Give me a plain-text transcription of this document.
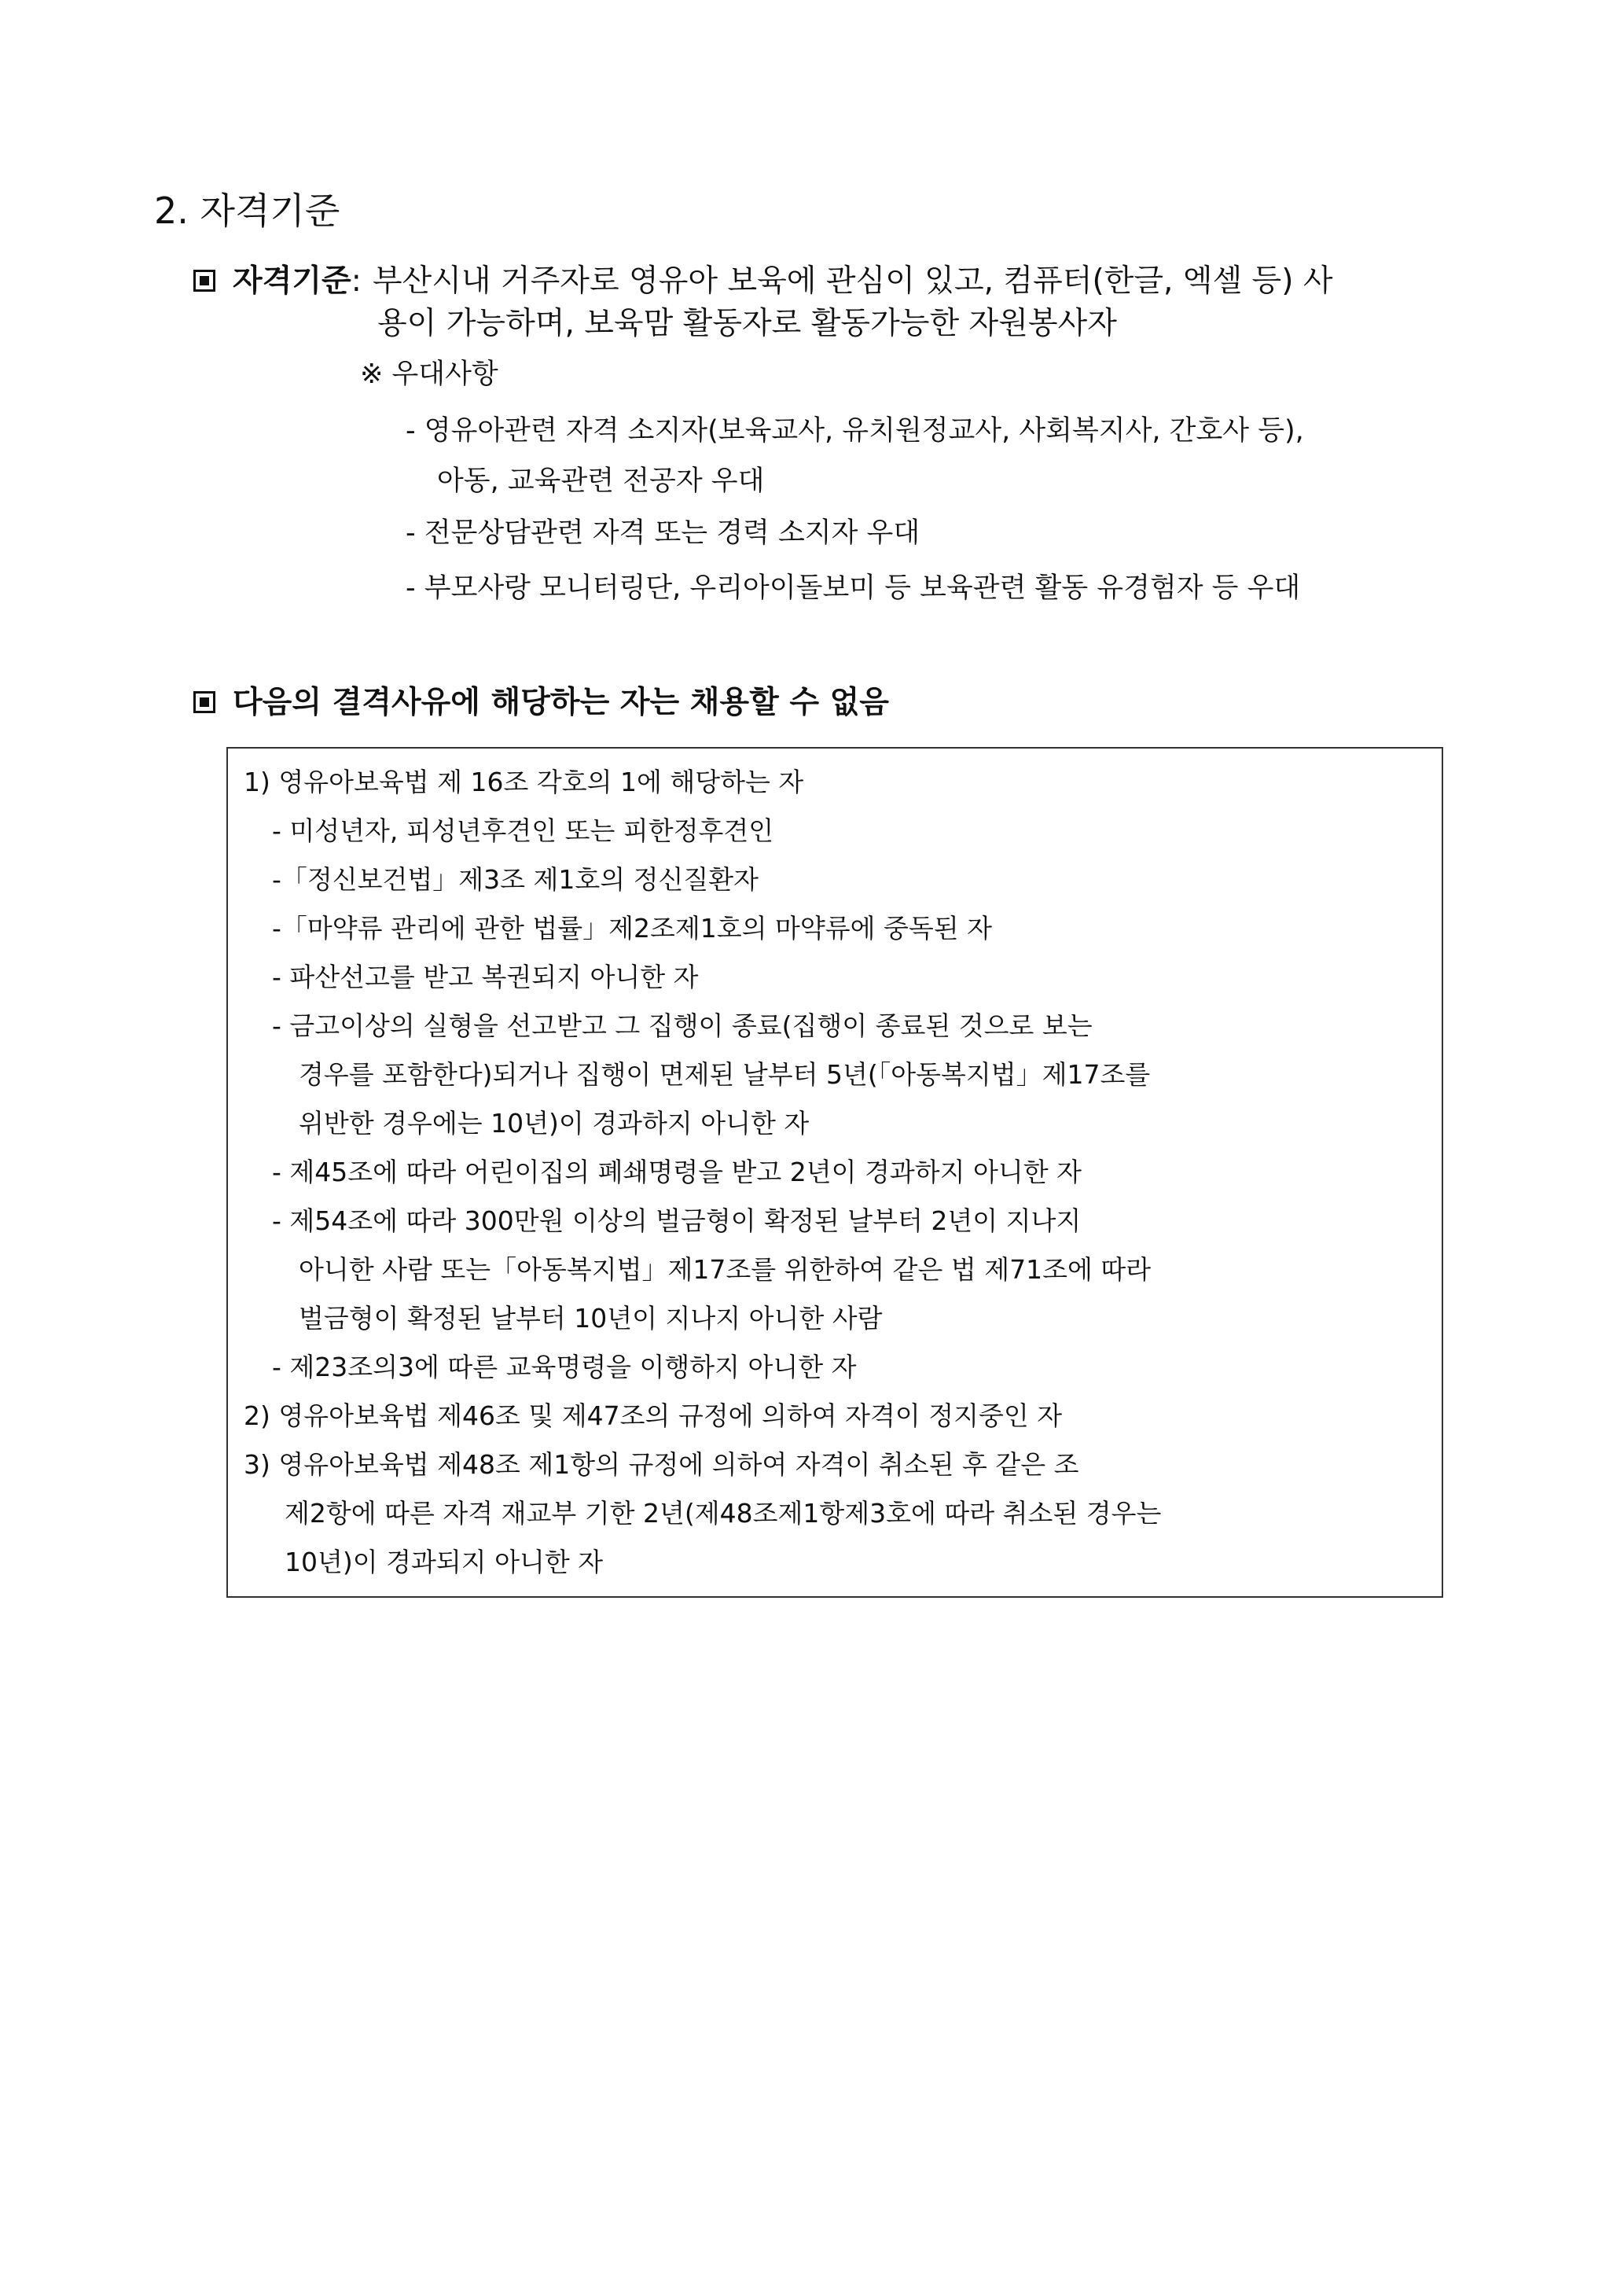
2. 자격기준
자격기준: 부산시내 거주자로 영유아 보육에 관심이 있고, 컴퓨터(한글, 엑셀 등) 사
용이 가능하며, 보육맘 활동자로 활동가능한 자원봉사자
※ 우대사항
- 영유아관련 자격 소지자(보육교사, 유치원정교사, 사회복지사, 간호사 등),
아동, 교육관련 전공자 우대
- 전문상담관련 자격 또는 경력 소지자 우대
- 부모사랑 모니터링단, 우리아이돌보미 등 보육관련 활동 유경험자 등 우대
다음의 결격사유에 해당하는 자는 채용할 수 없음
1) 영유아보육법 제 16조 각호의 1에 해당하는 자
- 미성년자, 피성년후견인 또는 피한정후견인
-「정신보건법」제3조 제1호의 정신질환자
-「마약류 관리에 관한 법률」제2조제1호의 마약류에 중독된 자
- 파산선고를 받고 복권되지 아니한 자
- 금고이상의 실형을 선고받고 그 집행이 종료(집행이 종료된 것으로 보는
경우를 포함한다)되거나 집행이 면제된 날부터 5년(「아동복지법」제17조를
위반한 경우에는 10년)이 경과하지 아니한 자
- 제45조에 따라 어린이집의 폐쇄명령을 받고 2년이 경과하지 아니한 자
- 제54조에 따라 300만원 이상의 벌금형이 확정된 날부터 2년이 지나지
아니한 사람 또는「아동복지법」제17조를 위한하여 같은 법 제71조에 따라
벌금형이 확정된 날부터 10년이 지나지 아니한 사람
- 제23조의3에 따른 교육명령을 이행하지 아니한 자
2) 영유아보육법 제46조 및 제47조의 규정에 의하여 자격이 정지중인 자
3) 영유아보육법 제48조 제1항의 규정에 의하여 자격이 취소된 후 같은 조
제2항에 따른 자격 재교부 기한 2년(제48조제1항제3호에 따라 취소된 경우는
10년)이 경과되지 아니한 자
